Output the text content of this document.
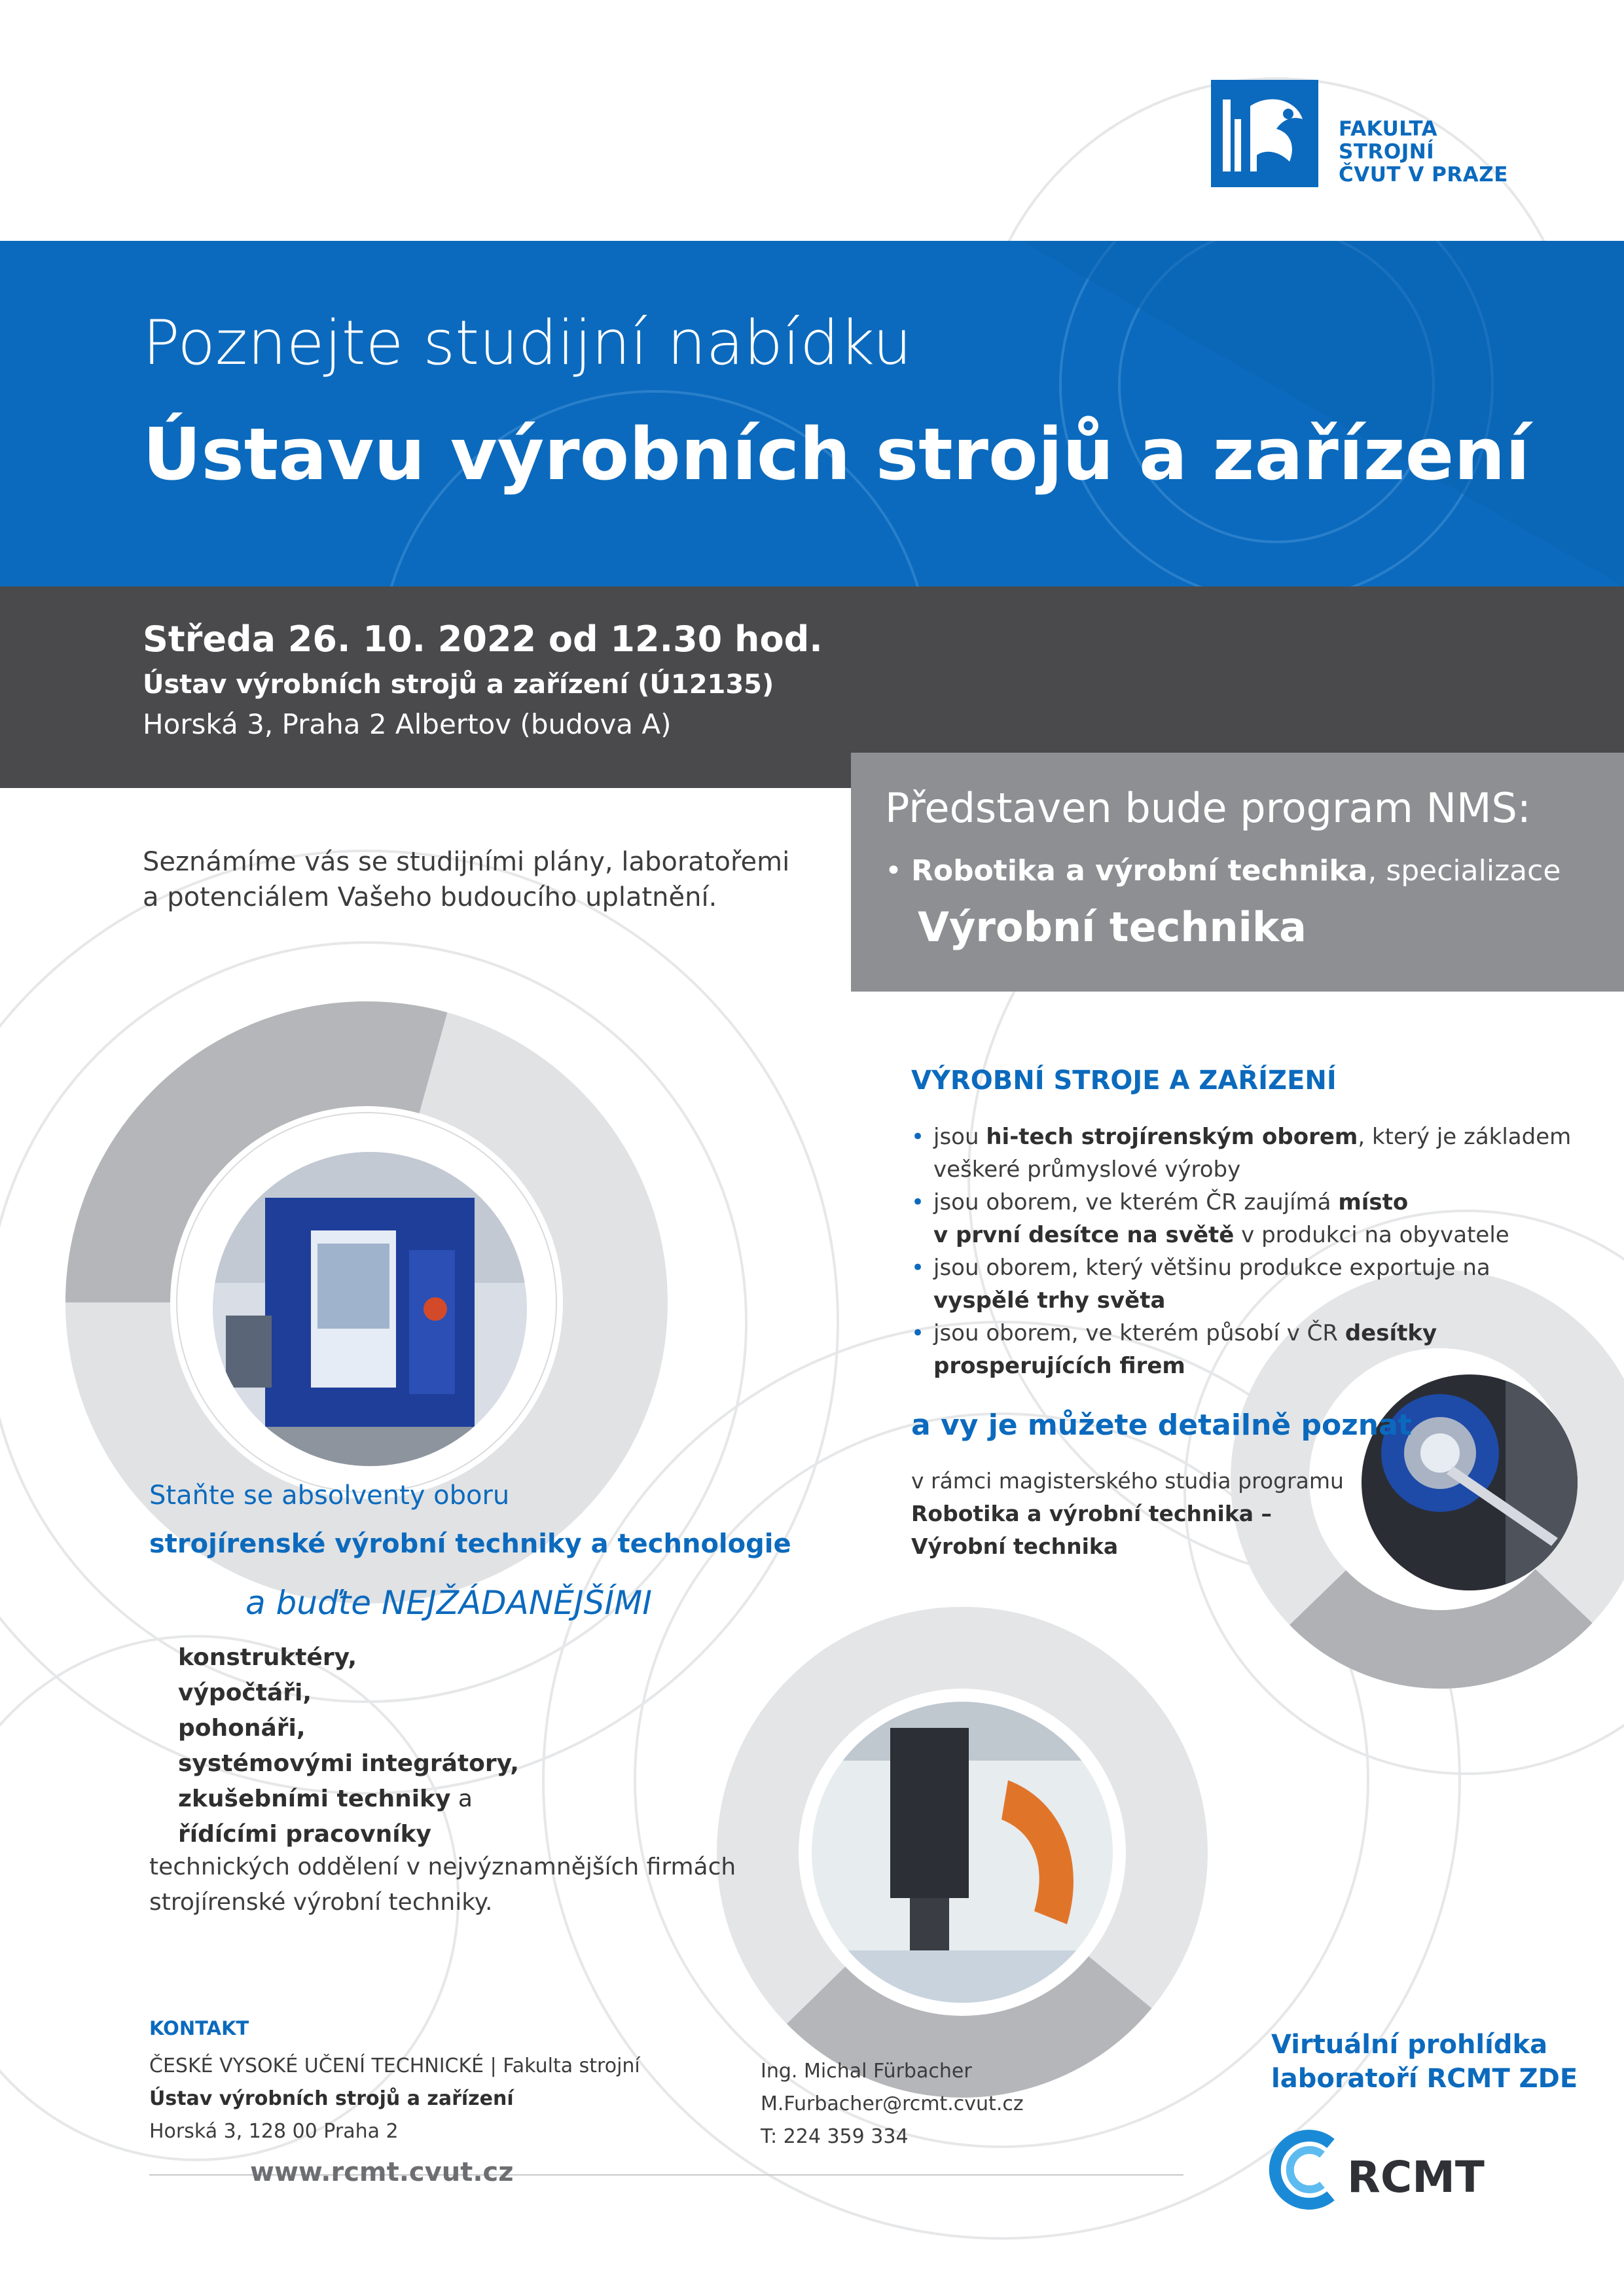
FAKULTA
STROJNÍ
ČVUT V PRAZE
Poznejte studijní nabídku
Ústavu výrobních strojů a zařízení
Středa 26. 10. 2022 od 12.30 hod.
Ústav výrobních strojů a zařízení (Ú12135)
Horská 3, Praha 2 Albertov (budova A)
Představen bude program NMS:
• Robotika a výrobní technika, specializace
Výrobní technika
Seznámíme vás se studijními plány, laboratořemi
a potenciálem Vašeho budoucího uplatnění.
VÝROBNÍ STROJE A ZAŘÍZENÍ
• jsou hi-tech strojírenským oborem, který je základem
veškeré průmyslové výroby
• jsou oborem, ve kterém ČR zaujímá místo
v první desítce na světě v produkci na obyvatele
• jsou oborem, který většinu produkce exportuje na
vyspělé trhy světa
• jsou oborem, ve kterém působí v ČR desítky
prosperujících firem
a vy je můžete detailně poznat
v rámci magisterského studia programu
Robotika a výrobní technika –
Výrobní technika
Staňte se absolventy oboru
strojírenské výrobní techniky a technologie
a buďte NEJŽÁDANĚJŠÍMI
konstruktéry,
výpočtáři,
pohonáři,
systémovými integrátory,
zkušebními techniky a
řídícími pracovníky
technických oddělení v nejvýznamnějších firmách
strojírenské výrobní techniky.
KONTAKT
ČESKÉ VYSOKÉ UČENÍ TECHNICKÉ | Fakulta strojní
Ústav výrobních strojů a zařízení
Horská 3, 128 00 Praha 2
www.rcmt.cvut.cz
Ing. Michal Fürbacher
M.Furbacher@rcmt.cvut.cz
T: 224 359 334
Virtuální prohlídka
laboratoří RCMT ZDE
RCMT
